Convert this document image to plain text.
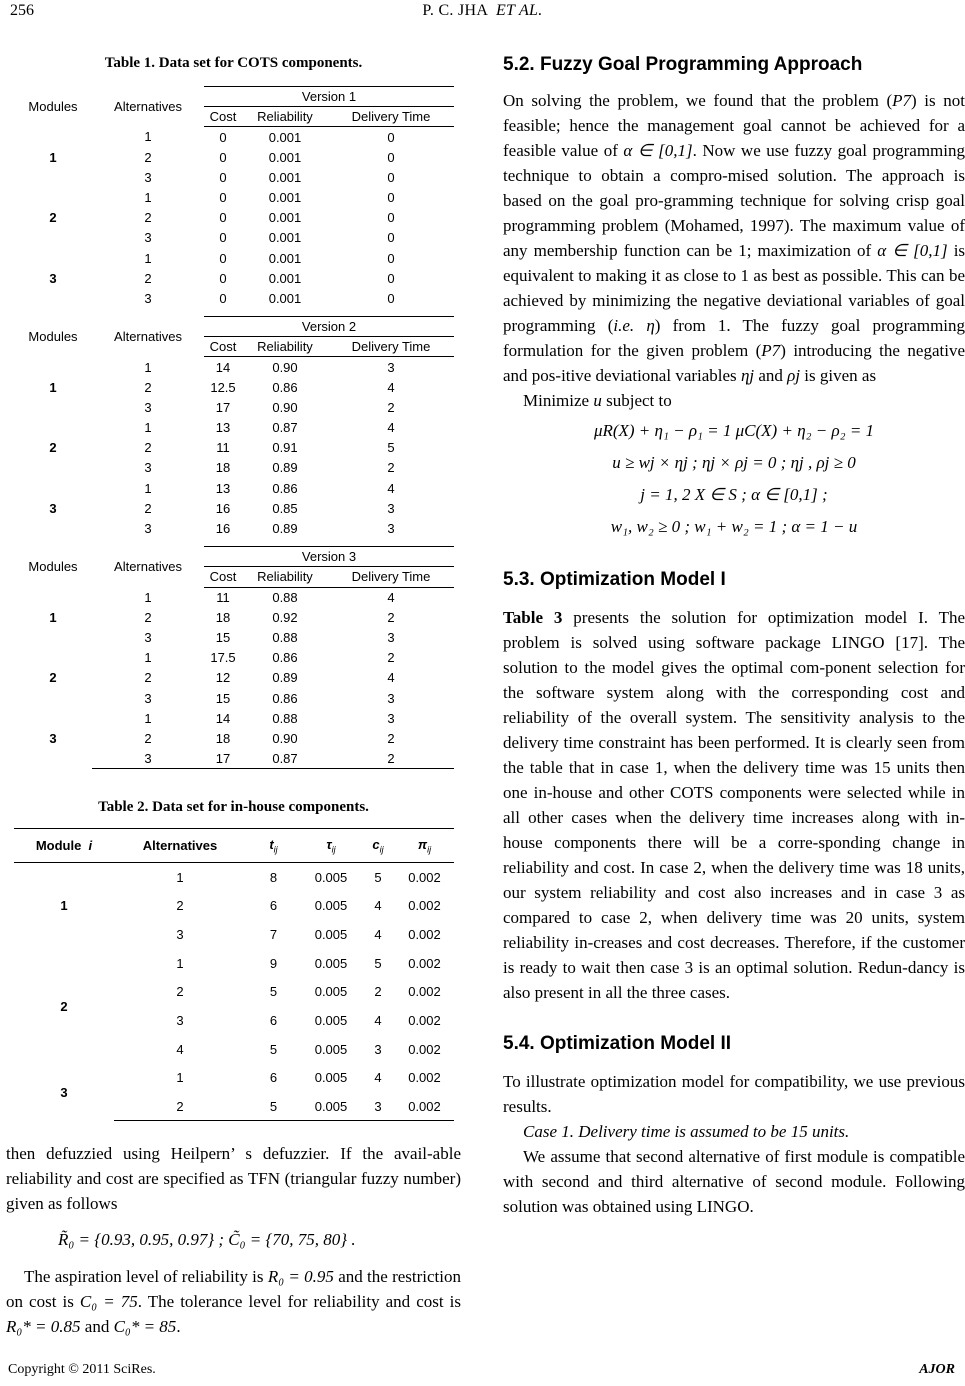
256	P. C. JHA ET AL.
Table 1. Data set for COTS components.
Modules	Alternatives	Version 1		
		Cost	Reliability	Delivery Time
1	1	0	0.001	0
	2	0	0.001	0
	3	0	0.001	0
2	1	0	0.001	0
	2	0	0.001	0
	3	0	0.001	0
3	1	0	0.001	0
	2	0	0.001	0
	3	0	0.001	0

Modules	Alternatives	Version 2		
		Cost	Reliability	Delivery Time
1	1	14	0.90	3
	2	12.5	0.86	4
	3	17	0.90	2
2	1	13	0.87	4
	2	11	0.91	5
	3	18	0.89	2
3	1	13	0.86	4
	2	16	0.85	3
	3	16	0.89	3

Modules	Alternatives	Version 3		
		Cost	Reliability	Delivery Time
1	1	11	0.88	4
	2	18	0.92	2
	3	15	0.88	3
2	1	17.5	0.86	2
	2	12	0.89	4
	3	15	0.86	3
3	1	14	0.88	3
	2	18	0.90	2
	3	17	0.87	2
Table 2. Data set for in-house components.
Module i	Alternatives	$t_{ij}$	$\tau_{ij}$	$c_{ij}$	$\pi_{ij}$
1	1	8	0.005	5	0.002
	2	6	0.005	4	0.002
	3	7	0.005	4	0.002
2	1	9	0.005	5	0.002
	2	5	0.005	2	0.002
	3	6	0.005	4	0.002
	4	5	0.005	3	0.002
3	1	6	0.005	4	0.002
	2	5	0.005	3	0.002

then defuzzied using Heilpern’ s defuzzier. If the avail-able reliability and cost are specified as TFN (triangular fuzzy number) given as follows

R̃₀ = {0.93, 0.95, 0.97} ; C̃₀ = {70, 75, 80} .

The aspiration level of reliability is R₀ = 0.95 and the restriction on cost is C₀ = 75. The tolerance level for reliability and cost is R₀* = 0.85 and C₀* = 85.

5.2. Fuzzy Goal Programming Approach

On solving the problem, we found that the problem (P7) is not feasible; hence the management goal cannot be achieved for a feasible value of α ∈ [0,1]. Now we use fuzzy goal programming technique to obtain a compro-mised solution. The approach is based on the goal pro-gramming technique for solving crisp goal programming problem (Mohamed, 1997). The maximum value of any membership function can be 1; maximization of α ∈ [0,1] is equivalent to making it as close to 1 as best as possible. This can be achieved by minimizing the negative deviational variables of goal programming (i.e. η) from 1. The fuzzy goal programming formulation for the given problem (P7) introducing the negative and pos-itive deviational variables ηj and ρj is given as

Minimize u subject to

μR(X) + η₁ − ρ₁ = 1 μC(X) + η₂ − ρ₂ = 1
u ≥ wj × ηj ; ηj × ρj = 0 ; ηj , ρj ≥ 0
j = 1, 2 X ∈ S ; α ∈ [0,1] ;
w₁, w₂ ≥ 0 ; w₁ + w₂ = 1 ; α = 1 − u
5.3. Optimization Model I

Table 3 presents the solution for optimization model I. The problem is solved using software package LINGO [17]. The solution to the model gives the optimal com-ponent selection for the software system along with the corresponding cost and reliability of the overall system. The sensitivity analysis to the delivery time constraint has been performed. It is clearly seen from the table that in case 1, when the delivery time was 15 units then one in-house and other COTS components were selected while in all other cases when the delivery time increases along with in-house components there will be a corre-sponding change in reliability and cost. In case 2, when the delivery time was 18 units, our system reliability and cost also increases and in case 3 as compared to case 2, when delivery time was 20 units, system reliability in-creases and cost decreases. Therefore, if the customer is ready to wait then case 3 is an optimal solution. Redun-dancy is also present in all the three cases.

5.4. Optimization Model II

To illustrate optimization model for compatibility, we use previous results.

Case 1. Delivery time is assumed to be 15 units.

We assume that second alternative of first module is compatible with second and third alternative of second module. Following solution was obtained using LINGO.

Copyright © 2011 SciRes.	AJOR
